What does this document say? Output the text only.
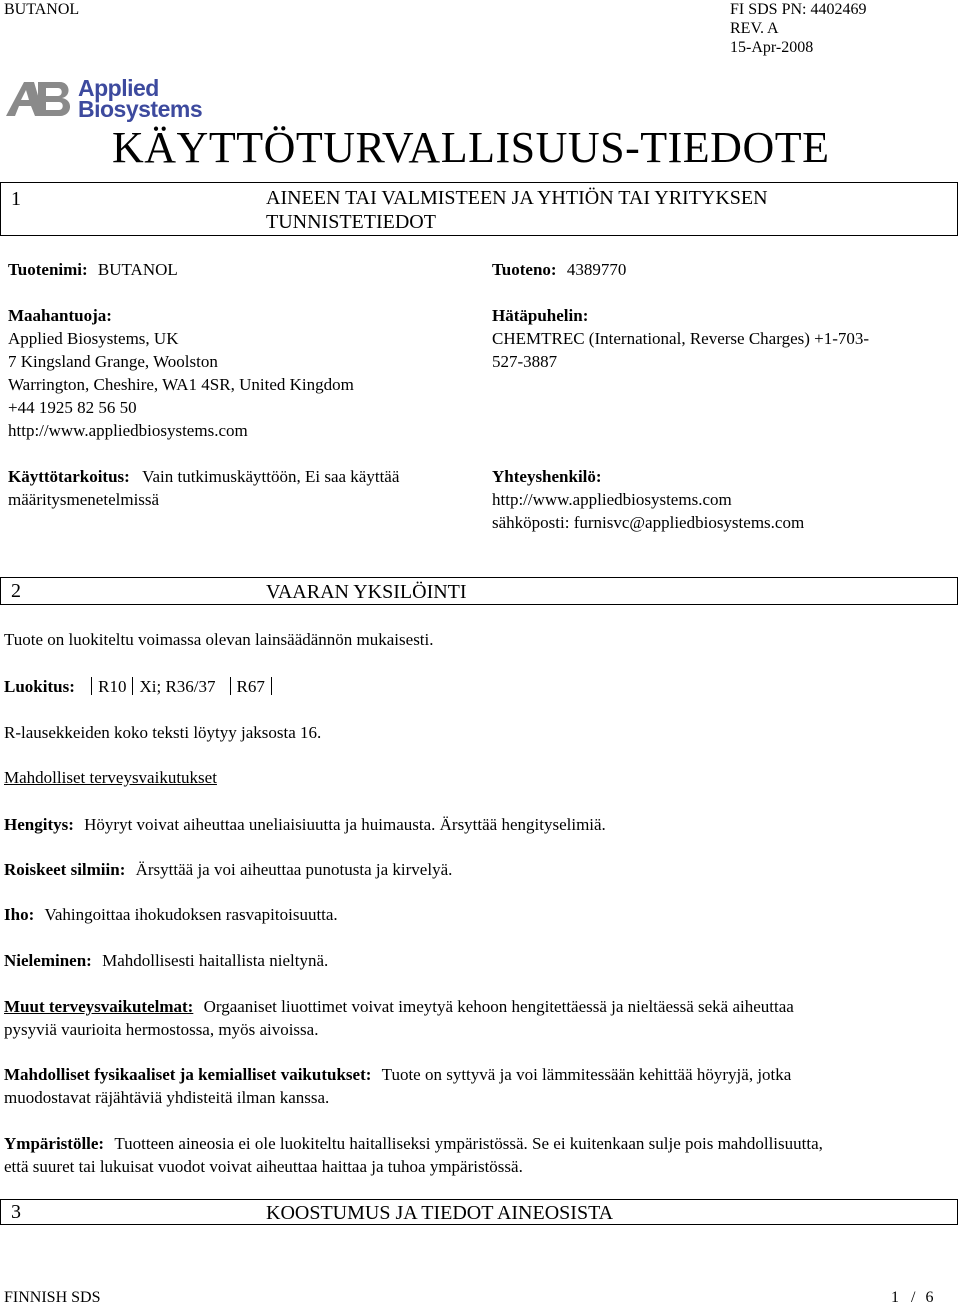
BUTANOL	FI SDS PN: 4402469
REV. A
15-Apr-2008
Applied
Biosystems
KÄYTTÖTURVALLISUUS-TIEDOTE
1	AINEEN TAI VALMISTEEN JA YHTIÖN TAI YRITYKSEN
TUNNISTETIEDOT
Tuotenimi: BUTANOL	Tuoteno: 4389770
Maahantuoja:
Applied Biosystems, UK
7 Kingsland Grange, Woolston
Warrington, Cheshire, WA1 4SR, United Kingdom
+44 1925 82 56 50
http://www.appliedbiosystems.com
Hätäpuhelin:
CHEMTREC (International, Reverse Charges) +1-703-
527-3887
Käyttötarkoitus: Vain tutkimuskäyttöön, Ei saa käyttää
määritysmenetelmissä
Yhteyshenkilö:
http://www.appliedbiosystems.com
sähköposti: furnisvc@appliedbiosystems.com
2	VAARAN YKSILÖINTI
Tuote on luokiteltu voimassa olevan lainsäädännön mukaisesti.
Luokitus: R10 Xi; R36/37 R67
R-lausekkeiden koko teksti löytyy jaksosta 16.
Mahdolliset terveysvaikutukset
Hengitys: Höyryt voivat aiheuttaa uneliaisiuutta ja huimausta. Ärsyttää hengityselimiä.
Roiskeet silmiin: Ärsyttää ja voi aiheuttaa punotusta ja kirvelyä.
Iho: Vahingoittaa ihokudoksen rasvapitoisuutta.
Nieleminen: Mahdollisesti haitallista nieltynä.
Muut terveysvaikutelmat: Orgaaniset liuottimet voivat imeytyä kehoon hengitettäessä ja nieltäessä sekä aiheuttaa
pysyviä vaurioita hermostossa, myös aivoissa.
Mahdolliset fysikaaliset ja kemialliset vaikutukset: Tuote on syttyvä ja voi lämmitessään kehittää höyryjä, jotka
muodostavat räjähtäviä yhdisteitä ilman kanssa.
Ympäristölle: Tuotteen aineosia ei ole luokiteltu haitalliseksi ympäristössä. Se ei kuitenkaan sulje pois mahdollisuutta,
että suuret tai lukuisat vuodot voivat aiheuttaa haittaa ja tuhoa ympäristössä.
3	KOOSTUMUS JA TIEDOT AINEOSISTA
FINNISH SDS	1 / 6
